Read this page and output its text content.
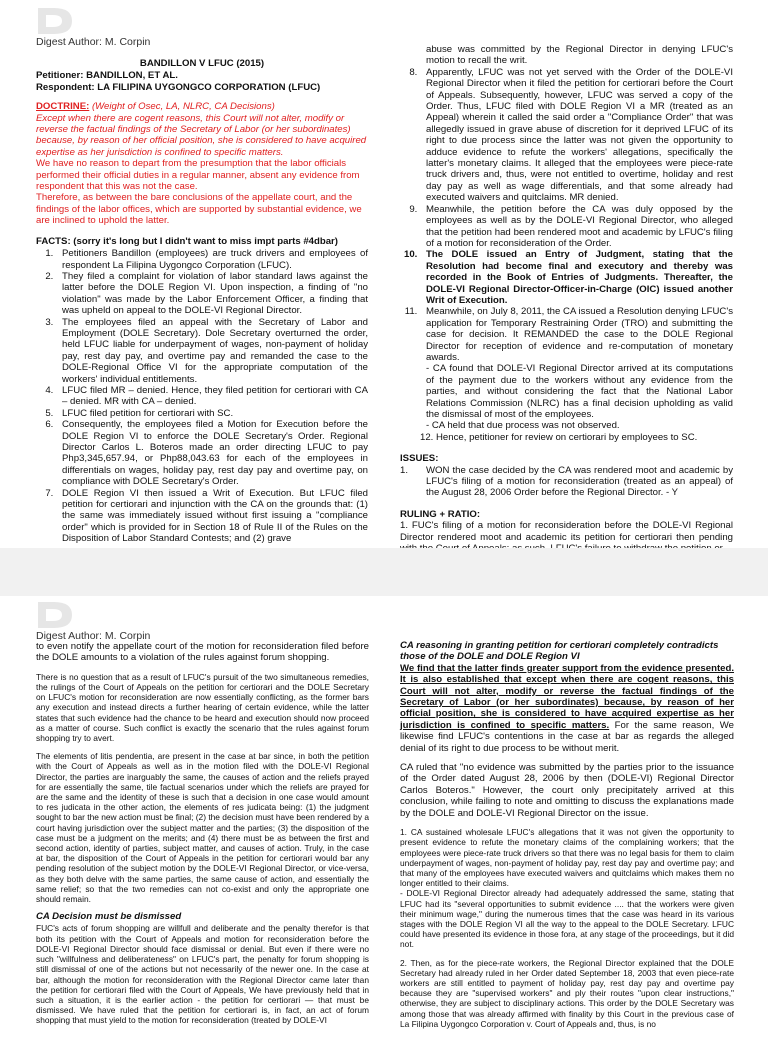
Digest Author: M. Corpin

BANDILLON V LFUC (2015)

Petitioner: BANDILLON, ET AL.

Respondent: LA FILIPINA UYGONGCO CORPORATION (LFUC)

DOCTRINE: (Weight of Osec, LA, NLRC, CA Decisions)

Except when there are cogent reasons, this Court will not alter, modify or reverse the factual findings of the Secretary of Labor (or her subordinates) because, by reason of her official position, she is considered to have acquired expertise as her jurisdiction is confined to specific matters.

We have no reason to depart from the presumption that the labor officials performed their official duties in a regular manner, absent any evidence from respondent that this was not the case.

Therefore, as between the bare conclusions of the appellate court, and the findings of the labor offices, which are supported by substantial evidence, we are inclined to uphold the latter.

FACTS: (sorry it's long but I didn't want to miss impt parts #4dbar)

1. Petitioners Bandillon (employees) are truck drivers and employees of respondent La Filipina Uygongco Corporation (LFUC).
2. They filed a complaint for violation of labor standard laws against the latter before the DOLE Region VI. Upon inspection, a finding of "no violation" was made by the Labor Enforcement Officer, a finding that was upheld on appeal to the DOLE-VI Regional Director.
3. The employees filed an appeal with the Secretary of Labor and Employment (DOLE Secretary). Dole Secretary overturned the order, held LFUC liable for underpayment of wages, non-payment of holiday pay, rest day pay, and overtime pay and remanded the case to the DOLE-Regional Office VI for the appropriate computation of the workers' individual entitlements.
4. LFUC filed MR – denied. Hence, they filed petition for certiorari with CA – denied. MR with CA – denied.
5. LFUC filed petition for certiorari with SC.
6. Consequently, the employees filed a Motion for Execution before the DOLE Region VI to enforce the DOLE Secretary's Order. Regional Director Carlos L. Boteros made an order directing LFUC to pay Php3,345,657.94, or Php88,043.63 for each of the employees in differentials on wages, holiday pay, rest day pay and overtime pay, on compliance with DOLE Secretary's Order.
7. DOLE Region VI then issued a Writ of Execution. But LFUC filed petition for certiorari and injunction with the CA on the grounds that: (1) the same was immediately issued without first issuing a "compliance order" which is provided for in Section 18 of Rule II of the Rules on the Disposition of Labor Standard Contests; and (2) grave

abuse was committed by the Regional Director in denying LFUC's motion to recall the writ.

8. Apparently, LFUC was not yet served with the Order of the DOLE-VI Regional Director when it filed the petition for certiorari before the Court of Appeals. Subsequently, however, LFUC was served a copy of the Order. Thus, LFUC filed with DOLE Region VI a MR (treated as an Appeal) wherein it called the said order a "Compliance Order" that was allegedly issued in grave abuse of discretion for it deprived LFUC of its right to due process since the latter was not given the opportunity to adduce evidence to refute the workers' allegations, specifically the latter's monetary claims. It alleged that the employees were piece-rate truck drivers and, thus, were not entitled to overtime, holiday and rest day pay as well as wage differentials, and that some already had executed waivers and quitclaims. MR denied.
9. Meanwhile, the petition before the CA was duly opposed by the employees as well as by the DOLE-VI Regional Director, who alleged that the petition had been rendered moot and academic by LFUC's filing of a motion for reconsideration of the Order.
10. The DOLE issued an Entry of Judgment, stating that the Resolution had become final and executory and thereby was recorded in the Book of Entries of Judgments. Thereafter, the DOLE-VI Regional Director-Officer-in-Charge (OIC) issued another Writ of Execution.
11. Meanwhile, on July 8, 2011, the CA issued a Resolution denying LFUC's application for Temporary Restraining Order (TRO) and submitting the case for decision. It REMANDED the case to the DOLE Regional Director for reception of evidence and re-computation of monetary awards.

- CA found that DOLE-VI Regional Director arrived at its computations of the payment due to the workers without any evidence from the parties, and without considering the fact that the National Labor Relations Commission (NLRC) has a final decision upholding as valid the dismissal of most of the employees.

- CA held that due process was not observed.

12. Hence, petitioner for review on certiorari by employees to SC.

ISSUES:

1.	WON the case decided by the CA was rendered moot and academic by LFUC's filing of a motion for reconsideration (treated as an appeal) of the August 28, 2006 Order before the Regional Director. - Y

RULING + RATIO:

1. FUC's filing of a motion for reconsideration before the DOLE-VI Regional Director rendered moot and academic its petition for certiorari then pending

Digest Author: M. Corpin

to even notify the appellate court of the motion for reconsideration filed before the DOLE amounts to a violation of the rules against forum shopping.

There is no question that as a result of LFUC's pursuit of the two simultaneous remedies, the rulings of the Court of Appeals on the petition for certiorari and the DOLE Secretary on LFUC's motion for reconsideration are now essentially conflicting, as the former bars any execution and instead directs a further hearing of certain evidence, while the latter states that such evidence had the chance to be heard and execution should now proceed as a matter of course. Such conflict is exactly the scenario that the rules against forum shopping try to avert.

The elements of litis pendentia, are present in the case at bar since, in both the petition with the Court of Appeals as well as in the motion filed with the DOLE-VI Regional Director, the parties are inarguably the same, the causes of action and the reliefs prayed for are essentially the same, tile factual scenarios under which the reliefs are prayed for are the same and the identity of these is such that a decision in one case would amount to res judicata in the other action, the elements of res judicata being: (1) the judgment sought to bar the new action must be final; (2) the decision must have been rendered by a court having jurisdiction over the subject matter and the parties; (3) the disposition of the case must be a judgment on the merits; and (4) there must be as between the first and second action, identity of parties, subject matter, and causes of action. Truly, in the case at bar, the disposition of the Court of Appeals in the petition for certiorari would bar any pending resolution of the subject motion by the DOLE-VI Regional Director, or vice-versa, as they both delve with the same parties, the same cause of action, and essentially the same relief; so that the two remedies can not co-exist and only the appropriate one should remain.

CA Decision must be dismissed

FUC's acts of forum shopping are willfull and deliberate and the penalty therefor is that both its petition with the Court of Appeals and motion for reconsideration before the DOLE-VI Regional Director should face dismissal or denial. But even if there were no such "willfulness and deliberateness" on LFUC's part, the penalty for forum shopping is still dismissal of one of the actions but not necessarily of the newer one. In the case at bar, although the motion for reconsideration with the Regional Director came later than the petition for certiorari filed with the Court of Appeals, We have previously held that in such a situation, it is the earlier action - the petition for certiorari — that must be dismissed. We have ruled that the petition for certiorari is, in fact, an act of forum shopping that must yield to the motion for reconsideration (treated by DOLE-VI

CA reasoning in granting petition for certiorari completely contradicts those of the DOLE and DOLE Region VI

We find that the latter finds greater support from the evidence presented. It is also established that except when there are cogent reasons, this Court will not alter, modify or reverse the factual findings of the Secretary of Labor (or her subordinates) because, by reason of her official position, she is considered to have acquired expertise as her jurisdiction is confined to specific matters. For the same reason, We likewise find LFUC's contentions in the case at bar as regards the alleged denial of its right to due process to be without merit.

CA ruled that "no evidence was submitted by the parties prior to the issuance of the Order dated August 28, 2006 by then (DOLE-VI) Regional Director Carlos Boteros." However, the court only precipitately arrived at this conclusion, while failing to note and omitting to discuss the explanations made by the DOLE and DOLE-VI Regional Director on the issue.

1. CA sustained wholesale LFUC's allegations that it was not given the opportunity to present evidence to refute the monetary claims of the complaining workers; that the employees were piece-rate truck drivers so that there was no legal basis for them to claim underpayment of wages, non-payment of holiday pay, rest day pay and overtime pay; and that many of the employees have executed waivers and quitclaims which makes them no longer entitled to their claims.

- DOLE-VI Regional Director already had adequately addressed the same, stating that LFUC had its "several opportunities to submit evidence .... that the workers were given their minimum wage," during the numerous times that the case was heard in its various stages with the DOLE Region VI all the way to the appeal to the DOLE Secretary. LFUC could have presented its evidence in those fora, at any stage of the proceedings, but it did not.

2. Then, as for the piece-rate workers, the Regional Director explained that the DOLE Secretary had already ruled in her Order dated September 18, 2003 that even piece-rate workers are still entitled to payment of holiday pay, rest day pay and overtime pay because they are "supervised workers" and ply their routes "upon clear instructions," otherwise, they are subject to disciplinary actions. This order by the DOLE Secretary was among those that was already affirmed with finality by this Court in the previous case of La Filipina Uygongco Corporation v. Court of Appeals and, thus, is no
